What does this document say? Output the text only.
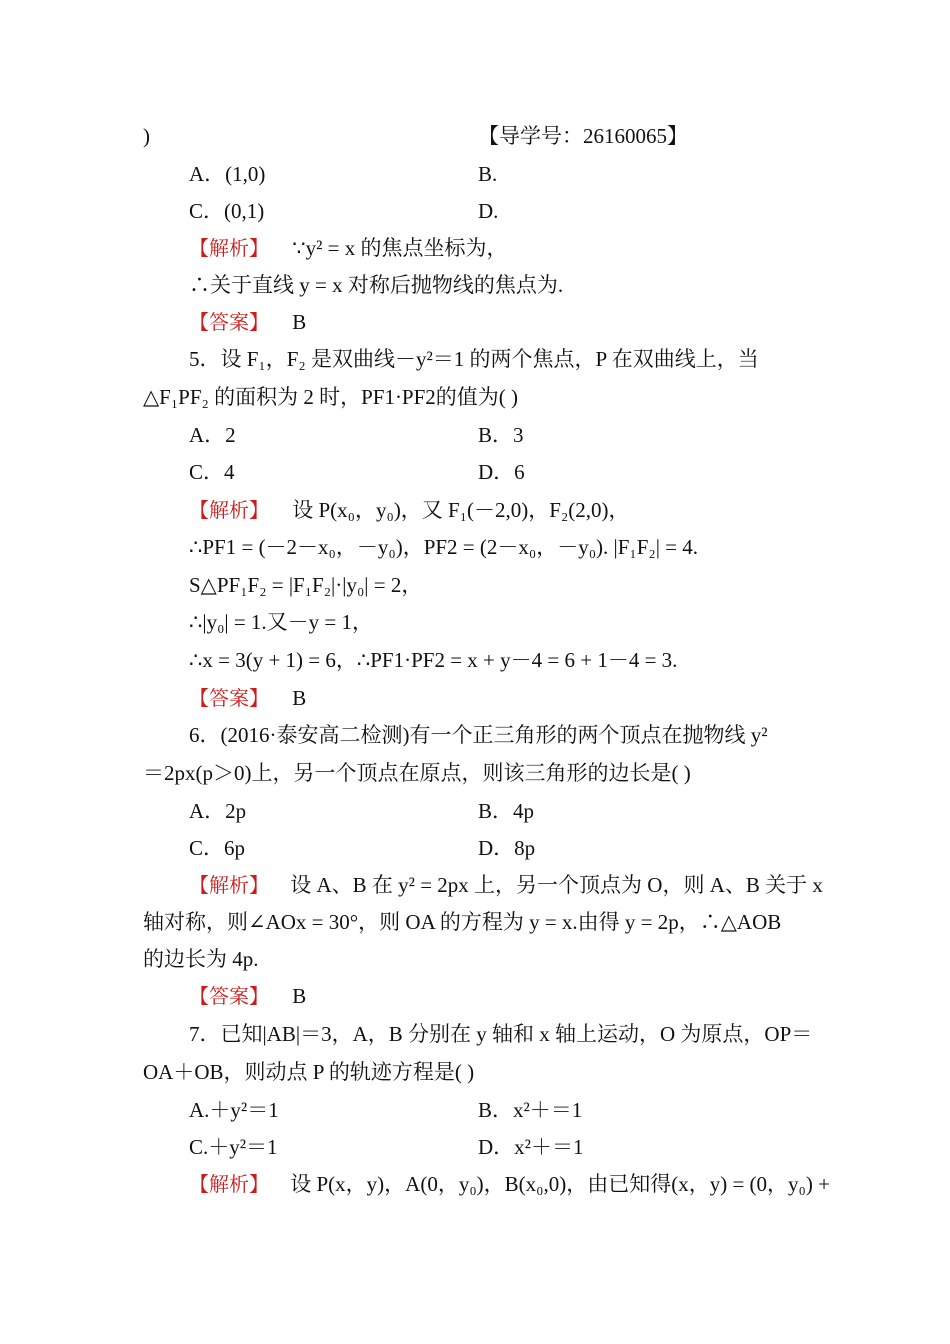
)	【导学号：26160065】
A．(1,0)	B.
C．(0,1)	D.
【解析】 ∵y² = x 的焦点坐标为，
∴关于直线 y = x 对称后抛物线的焦点为.
【答案】 B
5．设 F₁，F₂ 是双曲线－y²＝1 的两个焦点，P 在双曲线上，当
△F₁PF₂ 的面积为 2 时，PF1·PF2的值为( )
A．2	B．3
C．4	D．6
【解析】 设 P(x₀，y₀)，又 F₁(－2,0)，F₂(2,0)，
∴PF1 = (－2－x₀，－y₀)，PF2 = (2－x₀，－y₀). |F₁F₂| = 4.
S△PF₁F₂ = |F₁F₂|·|y₀| = 2，
∴|y₀| = 1.又－y = 1，
∴x = 3(y + 1) = 6，∴PF1·PF2 = x + y－4 = 6 + 1－4 = 3.
【答案】 B
6．(2016·泰安高二检测)有一个正三角形的两个顶点在抛物线 y²
＝2px(p＞0)上，另一个顶点在原点，则该三角形的边长是( )
A．2p	B．4p
C．6p	D．8p
【解析】 设 A、B 在 y² = 2px 上，另一个顶点为 O，则 A、B 关于 x
轴对称，则∠AOx = 30°，则 OA 的方程为 y = x.由得 y = 2p，∴△AOB
的边长为 4p.
【答案】 B
7．已知|AB|＝3，A，B 分别在 y 轴和 x 轴上运动，O 为原点，OP＝
OA＋OB，则动点 P 的轨迹方程是( )
A.＋y²＝1	B．x²＋＝1
C.＋y²＝1	D．x²＋＝1
【解析】 设 P(x，y)，A(0，y₀)，B(x₀,0)，由已知得(x，y) = (0，y₀) +
